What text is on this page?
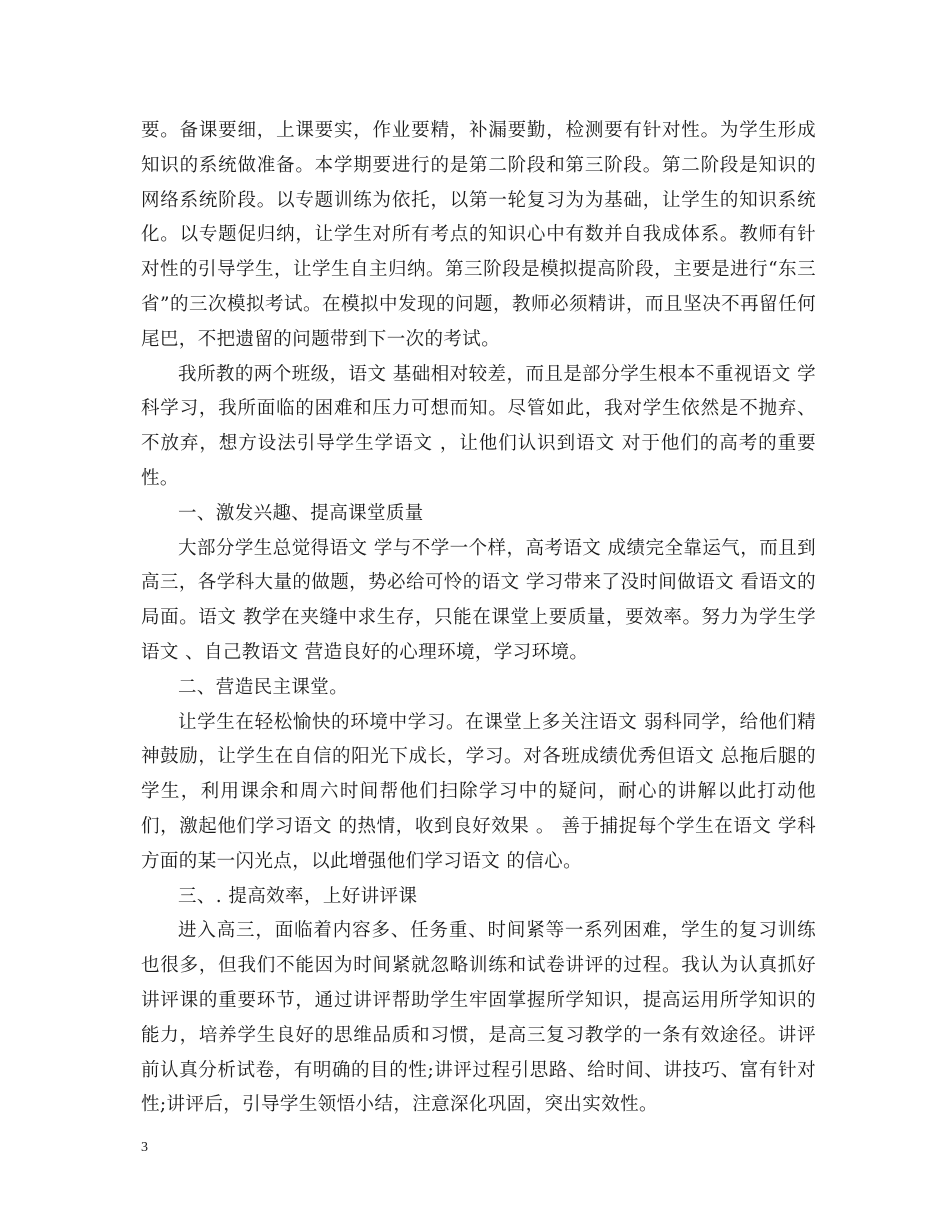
要。备课要细，上课要实，作业要精，补漏要勤，检测要有针对性。为学生形成知识的系统做准备。本学期要进行的是第二阶段和第三阶段。第二阶段是知识的网络系统阶段。以专题训练为依托，以第一轮复习为为基础，让学生的知识系统化。以专题促归纳，让学生对所有考点的知识心中有数并自我成体系。教师有针对性的引导学生，让学生自主归纳。第三阶段是模拟提高阶段，主要是进行“东三省”的三次模拟考试。在模拟中发现的问题，教师必须精讲，而且坚决不再留任何尾巴，不把遗留的问题带到下一次的考试。

我所教的两个班级，语文 基础相对较差，而且是部分学生根本不重视语文 学科学习，我所面临的困难和压力可想而知。尽管如此，我对学生依然是不抛弃、不放弃，想方设法引导学生学语文 ，让他们认识到语文 对于他们的高考的重要性。

一、激发兴趣、提高课堂质量

大部分学生总觉得语文 学与不学一个样，高考语文 成绩完全靠运气，而且到高三，各学科大量的做题，势必给可怜的语文 学习带来了没时间做语文 看语文的局面。语文 教学在夹缝中求生存，只能在课堂上要质量，要效率。努力为学生学语文 、自己教语文 营造良好的心理环境，学习环境。

二、营造民主课堂。

让学生在轻松愉快的环境中学习。在课堂上多关注语文 弱科同学，给他们精神鼓励，让学生在自信的阳光下成长，学习。对各班成绩优秀但语文 总拖后腿的学生，利用课余和周六时间帮他们扫除学习中的疑问，耐心的讲解以此打动他们，激起他们学习语文 的热情，收到良好效果 。 善于捕捉每个学生在语文 学科方面的某一闪光点，以此增强他们学习语文 的信心。

三、. 提高效率，上好讲评课

进入高三，面临着内容多、任务重、时间紧等一系列困难，学生的复习训练也很多，但我们不能因为时间紧就忽略训练和试卷讲评的过程。我认为认真抓好讲评课的重要环节，通过讲评帮助学生牢固掌握所学知识，提高运用所学知识的能力，培养学生良好的思维品质和习惯，是高三复习教学的一条有效途径。讲评前认真分析试卷，有明确的目的性;讲评过程引思路、给时间、讲技巧、富有针对性;讲评后，引导学生领悟小结，注意深化巩固，突出实效性。

3
